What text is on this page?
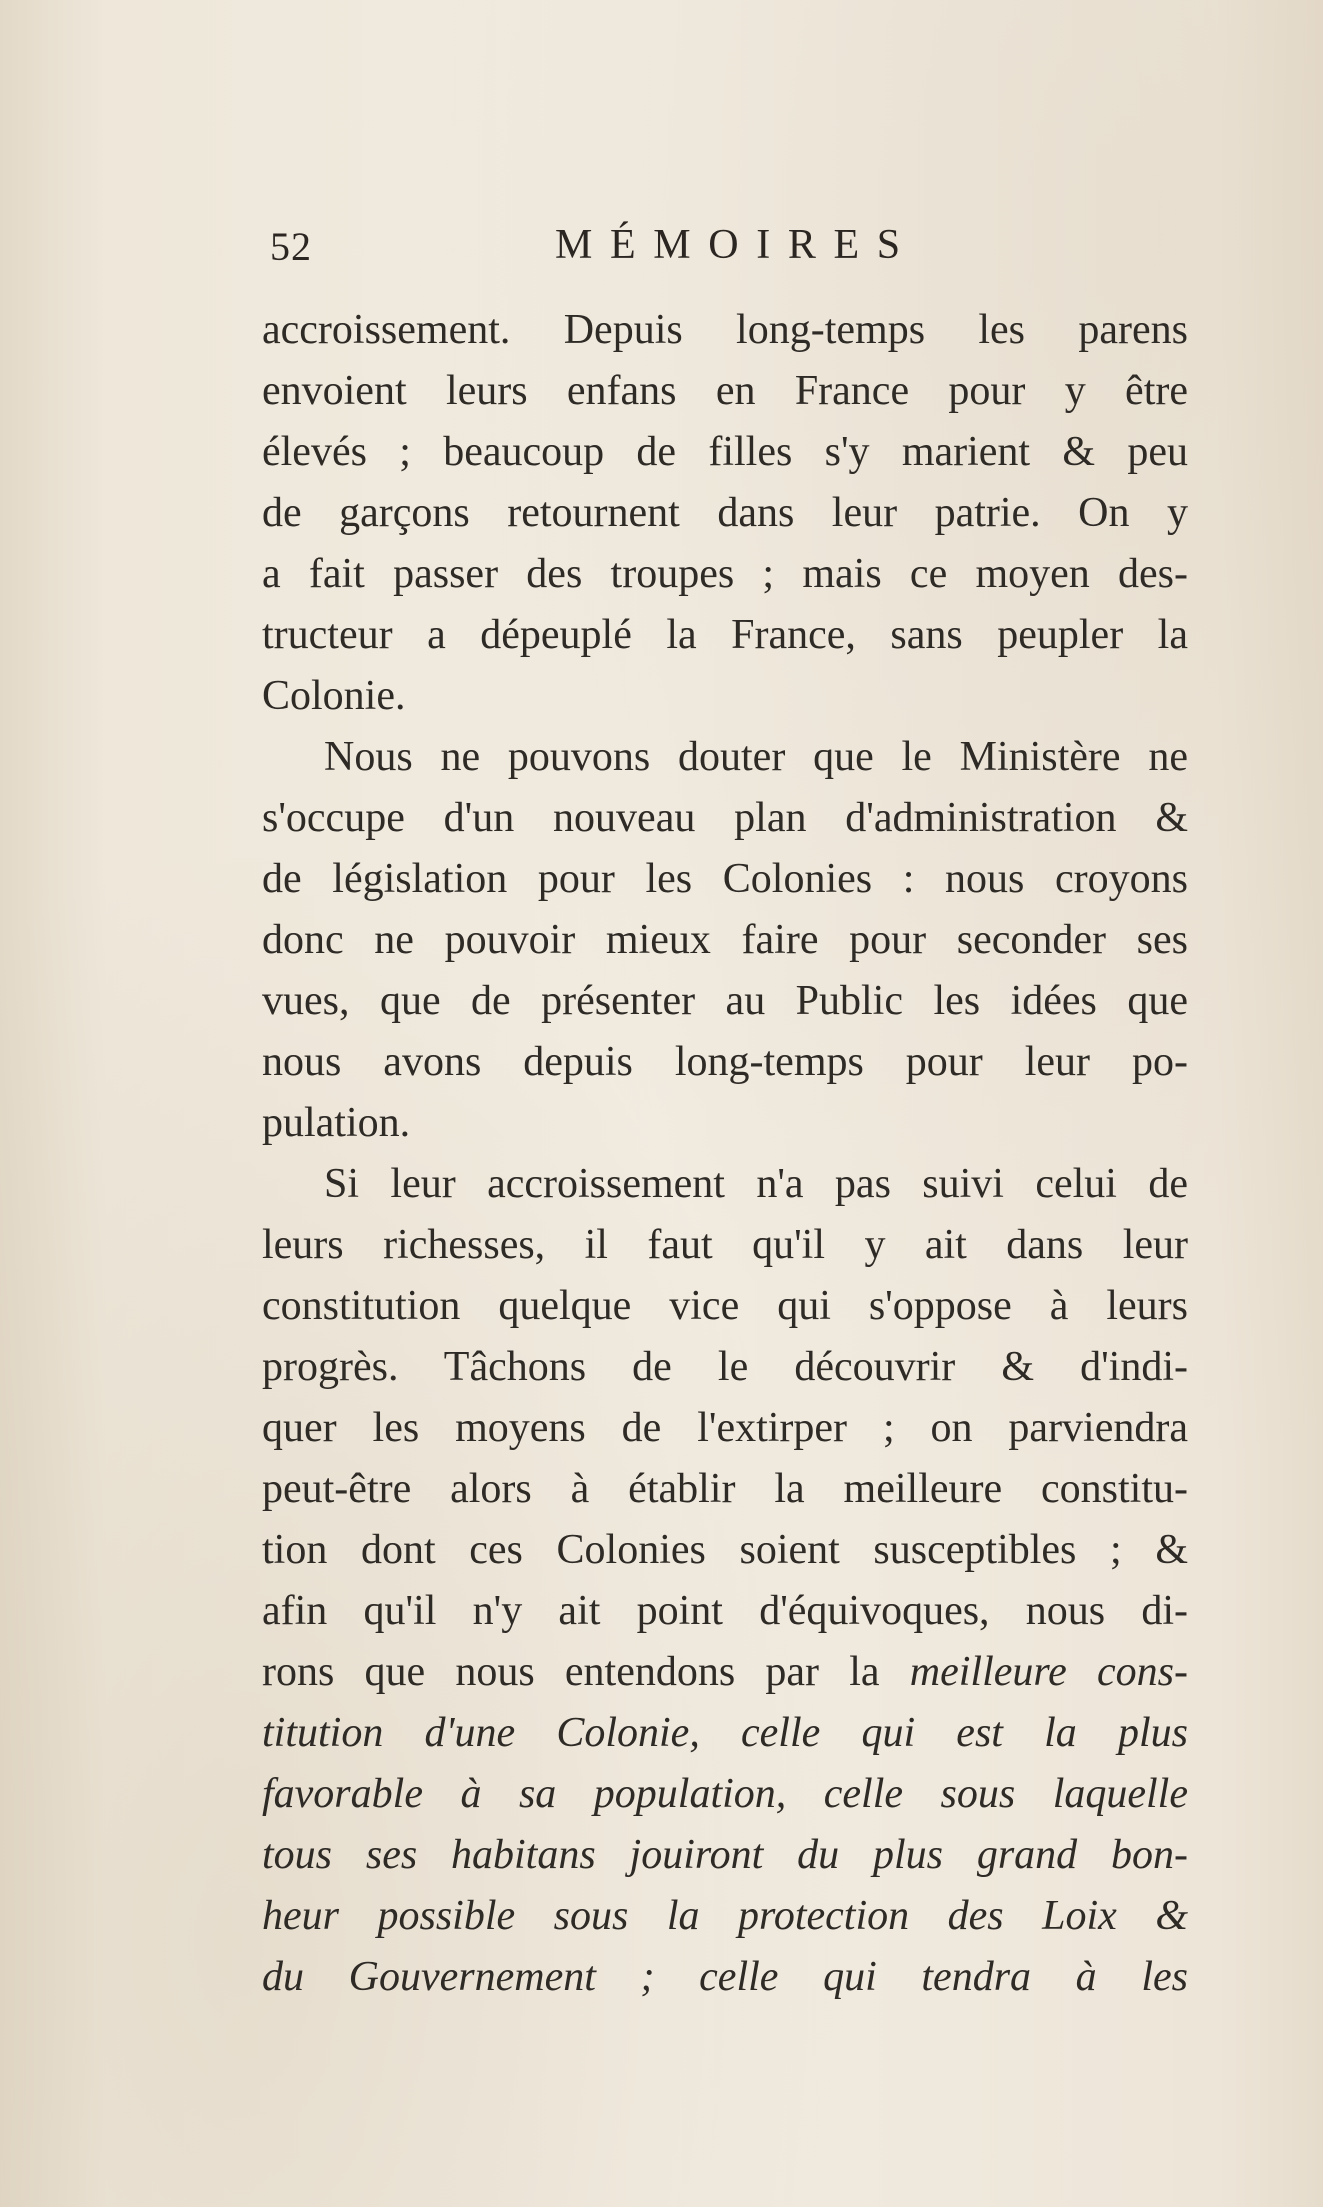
52	MÉMOIRES
accroissement. Depuis long-temps les parens
envoient leurs enfans en France pour y être
élevés ; beaucoup de filles s'y marient & peu
de garçons retournent dans leur patrie. On y
a fait passer des troupes ; mais ce moyen des-
tructeur a dépeuplé la France, sans peupler la
Colonie.
Nous ne pouvons douter que le Ministère ne
s'occupe d'un nouveau plan d'administration &
de législation pour les Colonies : nous croyons
donc ne pouvoir mieux faire pour seconder ses
vues, que de présenter au Public les idées que
nous avons depuis long-temps pour leur po-
pulation.
Si leur accroissement n'a pas suivi celui de
leurs richesses, il faut qu'il y ait dans leur
constitution quelque vice qui s'oppose à leurs
progrès. Tâchons de le découvrir & d'indi-
quer les moyens de l'extirper ; on parviendra
peut-être alors à établir la meilleure constitu-
tion dont ces Colonies soient susceptibles ; &
afin qu'il n'y ait point d'équivoques, nous di-
rons que nous entendons par la meilleure cons-
titution d'une Colonie, celle qui est la plus
favorable à sa population, celle sous laquelle
tous ses habitans jouiront du plus grand bon-
heur possible sous la protection des Loix &
du Gouvernement ; celle qui tendra à les
